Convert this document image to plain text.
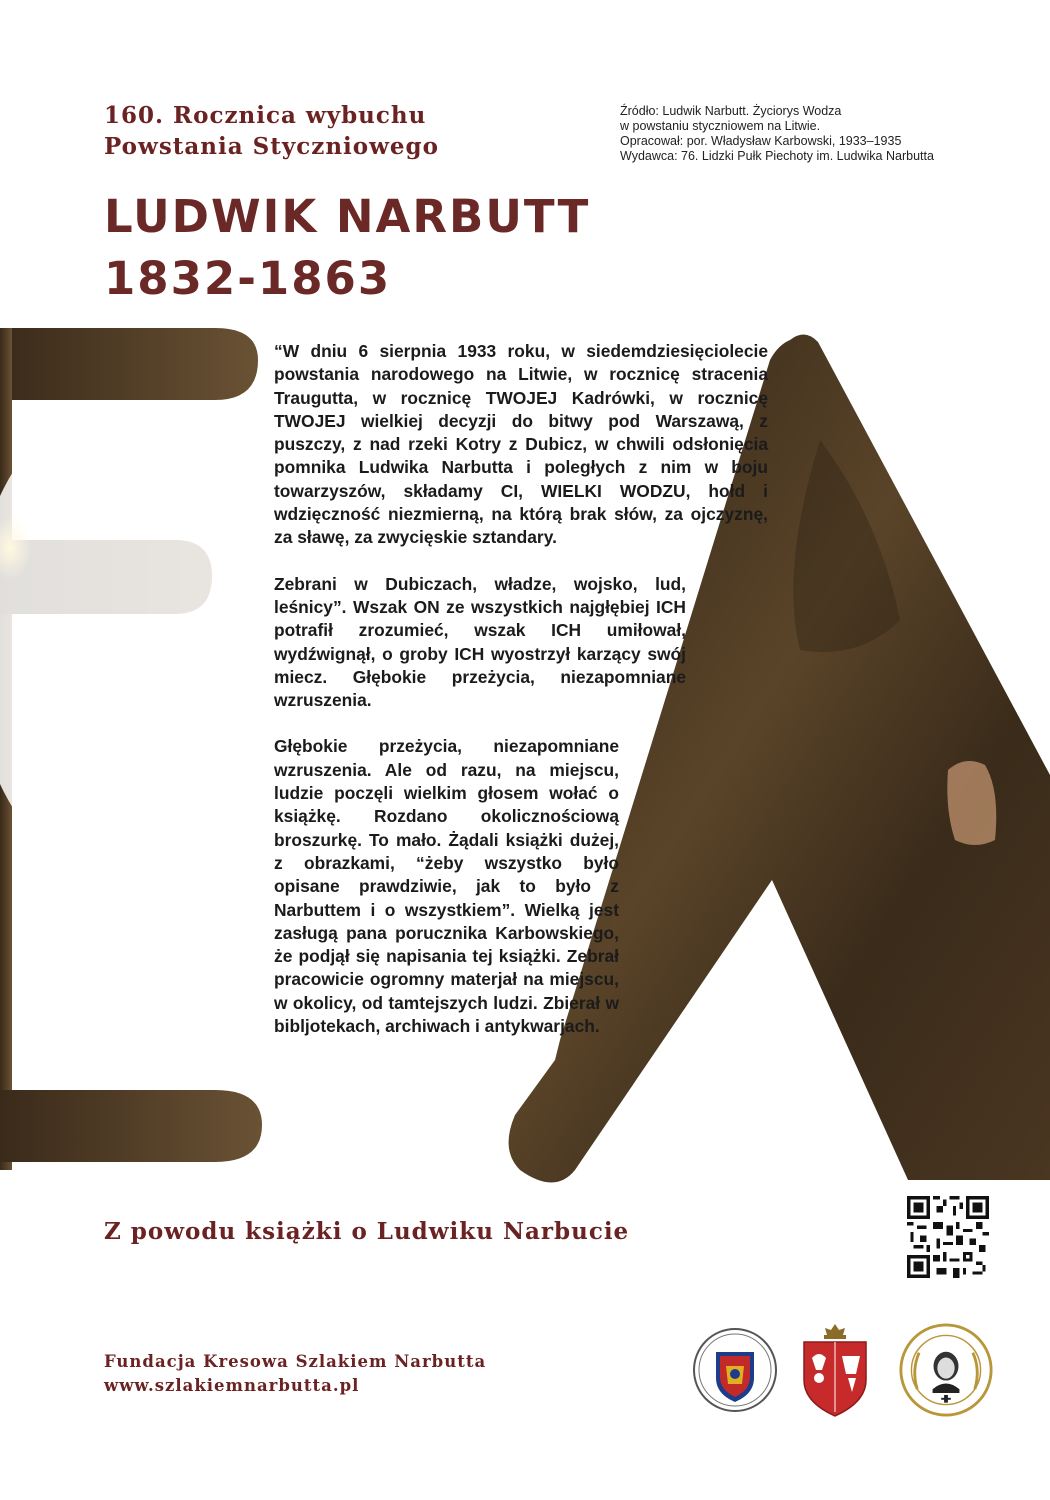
160. Rocznica wybuchu
Powstania Styczniowego
Źródło: Ludwik Narbutt. Życiorys Wodza
w powstaniu styczniowem na Litwie.
Opracował: por. Władysław Karbowski, 1933–1935
Wydawca: 76. Lidzki Pułk Piechoty im. Ludwika Narbutta
LUDWIK NARBUTT
1832-1863

“W dniu 6 sierpnia 1933 roku, w siedemdziesięciolecie powstania narodowego na Litwie, w rocznicę stracenia Traugutta, w rocznicę TWOJEJ Kadrówki, w rocznicę TWOJEJ wielkiej decyzji do bitwy pod Warszawą, z puszczy, z nad rzeki Kotry z Dubicz, w chwili odsłonięcia pomnika Ludwika Narbutta i poległych z nim w boju towarzyszów, składamy CI, WIELKI WODZU, hołd i wdzięczność niezmierną, na którą brak słów, za ojczyznę, za sławę, za zwycięskie sztandary.

Zebrani w Dubiczach, władze, wojsko, lud, leśnicy”. Wszak ON ze wszystkich najgłębiej ICH potrafił zrozumieć, wszak ICH umiłował, wydźwignął, o groby ICH wyostrzył karzący swój miecz. Głębokie przeżycia, niezapomniane wzruszenia.

Głębokie przeżycia, niezapomniane wzruszenia. Ale od razu, na miejscu, ludzie poczęli wielkim głosem wołać o książkę. Rozdano okolicznościową broszurkę. To mało. Żądali książki dużej, z obrazkami, “żeby wszystko było opisane prawdziwie, jak to było z Narbuttem i o wszystkiem”. Wielką jest zasługą pana porucznika Karbowskiego, że podjął się napisania tej książki. Zebrał pracowicie ogromny materjał na miejscu, w okolicy, od tamtejszych ludzi. Zbierał w bibljotekach, archiwach i antykwarjach.

Z powodu książki o Ludwiku Narbucie
Fundacja Kresowa Szlakiem Narbutta
www.szlakiemnarbutta.pl
